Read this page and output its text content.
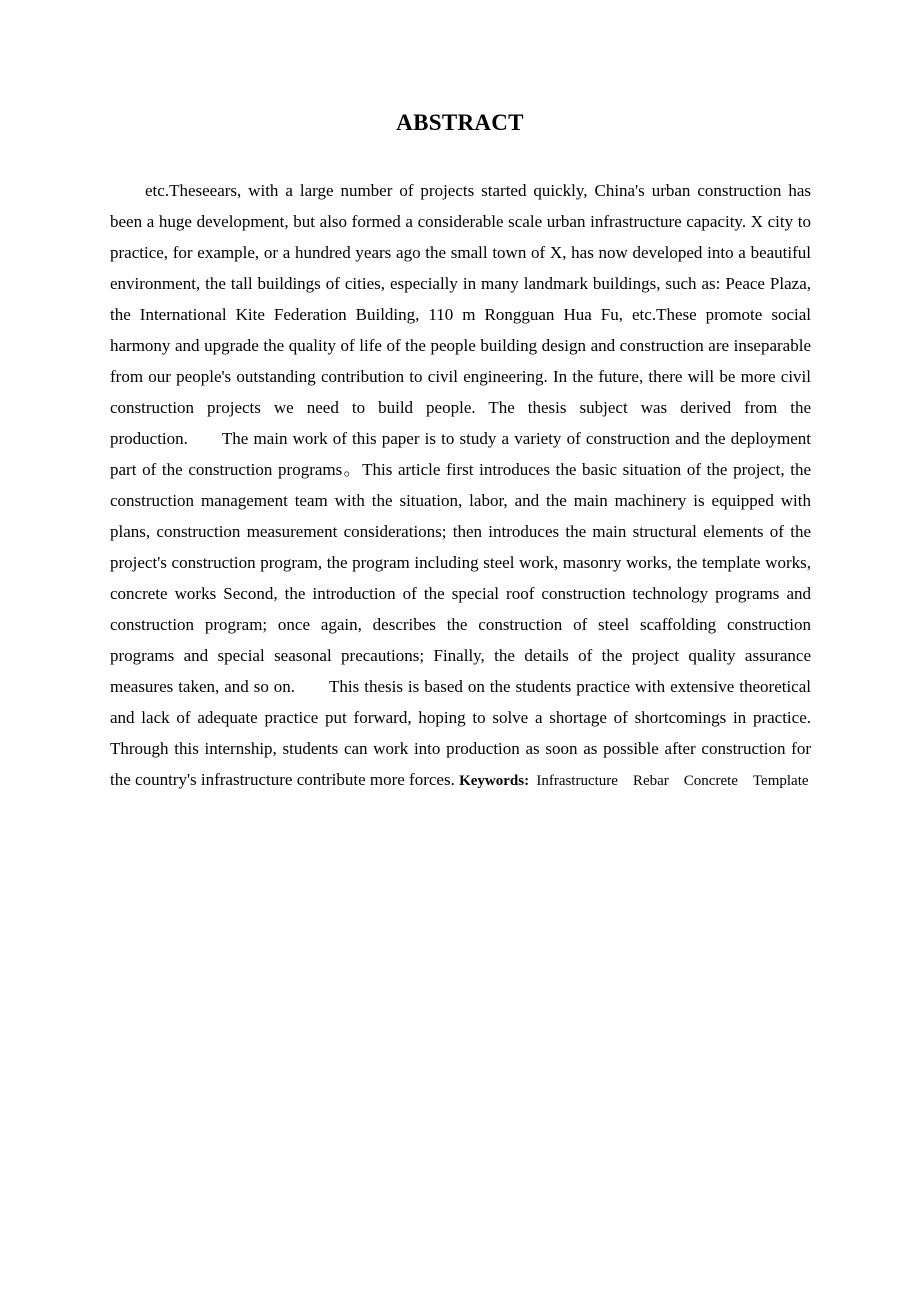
ABSTRACT

etc.Theseears, with a large number of projects started quickly, China's urban construction has been a huge development, but also formed a considerable scale urban infrastructure capacity. X city to practice, for example, or a hundred years ago the small town of X, has now developed into a beautiful environment, the tall buildings of cities, especially in many landmark buildings, such as: Peace Plaza, the International Kite Federation Building, 110 m Rongguan Hua Fu, etc.These promote social harmony and upgrade the quality of life of the people building design and construction are inseparable from our people's outstanding contribution to civil engineering. In the future, there will be more civil construction projects we need to build people. The thesis subject was derived from the production.   The main work of this paper is to study a variety of construction and the deployment part of the construction programs。This article first introduces the basic situation of the project, the construction management team with the situation, labor, and the main machinery is equipped with plans, construction measurement considerations; then introduces the main structural elements of the project's construction program, the program including steel work, masonry works, the template works, concrete works Second, the introduction of the special roof construction technology programs and construction program; once again, describes the construction of steel scaffolding construction programs and special seasonal precautions; Finally, the details of the project quality assurance measures taken, and so on.   This thesis is based on the students practice with extensive theoretical and lack of adequate practice put forward, hoping to solve a shortage of shortcomings in practice. Through this internship, students can work into production as soon as possible after construction for the country's infrastructure contribute more forces. Keywords: Infrastructure Rebar Concrete Template
